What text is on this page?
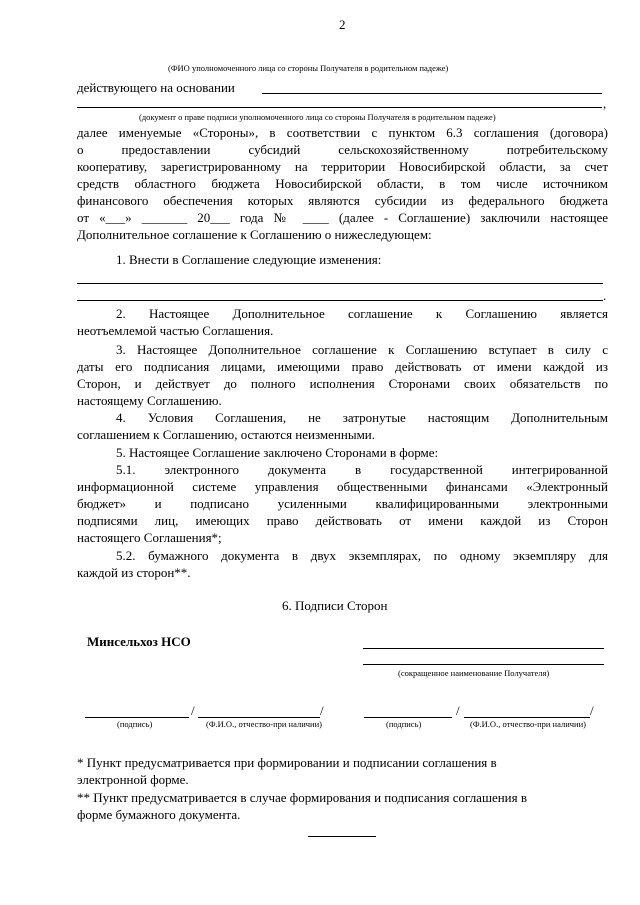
2
(ФИО уполномоченного лица со стороны Получателя в родительном падеже)
действующего на основании
,
(документ о праве подписи уполномоченного лица со стороны Получателя в родительном падеже)
далее именуемые «Стороны», в соответствии с пунктом 6.3 соглашения (договора)
о предоставлении субсидий сельскохозяйственному потребительскому
кооперативу, зарегистрированному на территории Новосибирской области, за счет
средств областного бюджета Новосибирской области, в том числе источником
финансового обеспечения которых являются субсидии из федерального бюджета
от «___» _______ 20___ года № ____ (далее - Соглашение) заключили настоящее
Дополнительное соглашение к Соглашению о нижеследующем:
1. Внести в Соглашение следующие изменения:
.
2. Настоящее Дополнительное соглашение к Соглашению является
неотъемлемой частью Соглашения.
3. Настоящее Дополнительное соглашение к Соглашению вступает в силу с
даты его подписания лицами, имеющими право действовать от имени каждой из
Сторон, и действует до полного исполнения Сторонами своих обязательств по
настоящему Соглашению.
4. Условия Соглашения, не затронутые настоящим Дополнительным
соглашением к Соглашению, остаются неизменными.
5. Настоящее Соглашение заключено Сторонами в форме:
5.1. электронного документа в государственной интегрированной
информационной системе управления общественными финансами «Электронный
бюджет» и подписано усиленными квалифицированными электронными
подписями лиц, имеющих право действовать от имени каждой из Сторон
настоящего Соглашения*;
5.2. бумажного документа в двух экземплярах, по одному экземпляру для
каждой из сторон**.
6. Подписи Сторон
Минсельхоз НСО
(сокращенное наименование Получателя)
/	/
(подпись)	(Ф.И.О., отчество-при наличии)
/	/
(подпись)	(Ф.И.О., отчество-при наличии)
* Пункт предусматривается при формировании и подписании соглашения в
электронной форме.
** Пункт предусматривается в случае формирования и подписания соглашения в
форме бумажного документа.
